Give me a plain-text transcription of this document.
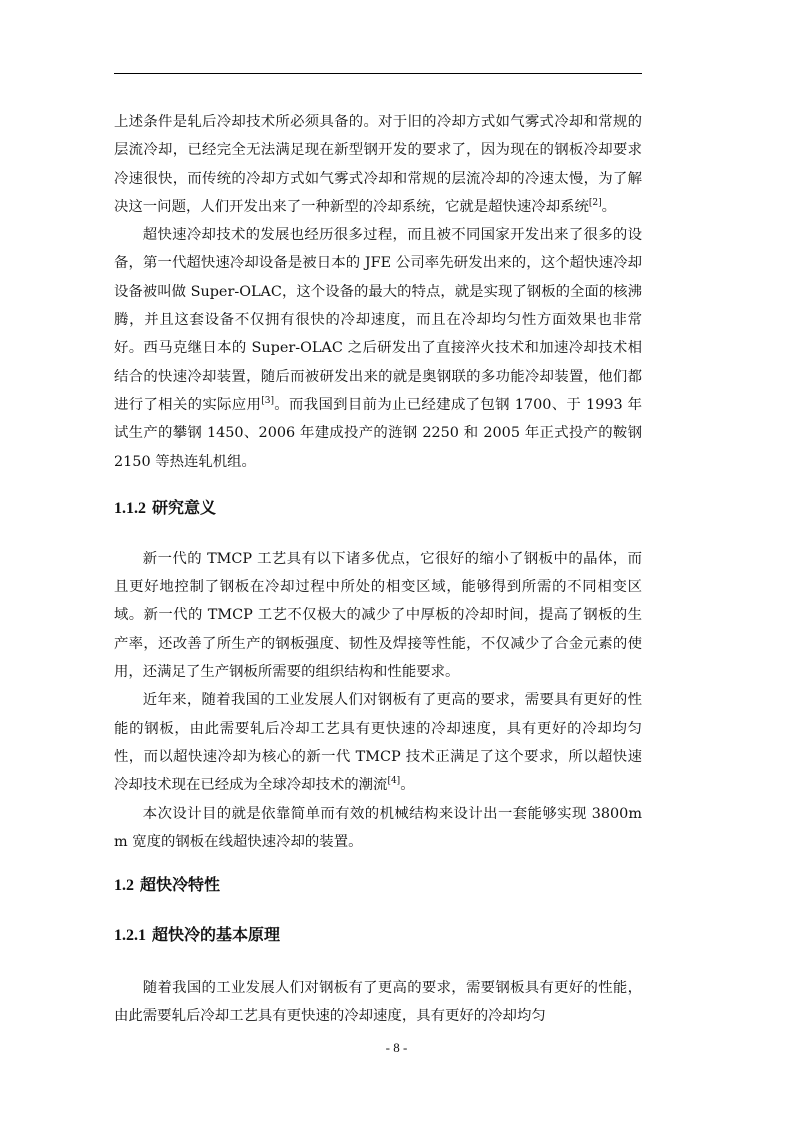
上述条件是轧后冷却技术所必须具备的。对于旧的冷却方式如气雾式冷却和常规的层流冷却，已经完全无法满足现在新型钢开发的要求了，因为现在的钢板冷却要求冷速很快，而传统的冷却方式如气雾式冷却和常规的层流冷却的冷速太慢，为了解决这一问题，人们开发出来了一种新型的冷却系统，它就是超快速冷却系统[2]。

超快速冷却技术的发展也经历很多过程，而且被不同国家开发出来了很多的设备，第一代超快速冷却设备是被日本的 JFE 公司率先研发出来的，这个超快速冷却设备被叫做 Super-OLAC，这个设备的最大的特点，就是实现了钢板的全面的核沸腾，并且这套设备不仅拥有很快的冷却速度，而且在冷却均匀性方面效果也非常好。西马克继日本的 Super-OLAC 之后研发出了直接淬火技术和加速冷却技术相结合的快速冷却装置，随后而被研发出来的就是奥钢联的多功能冷却装置，他们都进行了相关的实际应用[3]。而我国到目前为止已经建成了包钢 1700、于 1993 年试生产的攀钢 1450、2006 年建成投产的涟钢 2250 和 2005 年正式投产的鞍钢 2150 等热连轧机组。

1.1.2 研究意义

新一代的 TMCP 工艺具有以下诸多优点，它很好的缩小了钢板中的晶体，而且更好地控制了钢板在冷却过程中所处的相变区域，能够得到所需的不同相变区域。新一代的 TMCP 工艺不仅极大的减少了中厚板的冷却时间，提高了钢板的生产率，还改善了所生产的钢板强度、韧性及焊接等性能，不仅减少了合金元素的使用，还满足了生产钢板所需要的组织结构和性能要求。

近年来，随着我国的工业发展人们对钢板有了更高的要求，需要具有更好的性能的钢板，由此需要轧后冷却工艺具有更快速的冷却速度，具有更好的冷却均匀性，而以超快速冷却为核心的新一代 TMCP 技术正满足了这个要求，所以超快速冷却技术现在已经成为全球冷却技术的潮流[4]。

本次设计目的就是依靠简单而有效的机械结构来设计出一套能够实现 3800mm 宽度的钢板在线超快速冷却的装置。

1.2 超快冷特性
1.2.1 超快冷的基本原理

随着我国的工业发展人们对钢板有了更高的要求，需要钢板具有更好的性能，由此需要轧后冷却工艺具有更快速的冷却速度，具有更好的冷却均匀

- 8 -
